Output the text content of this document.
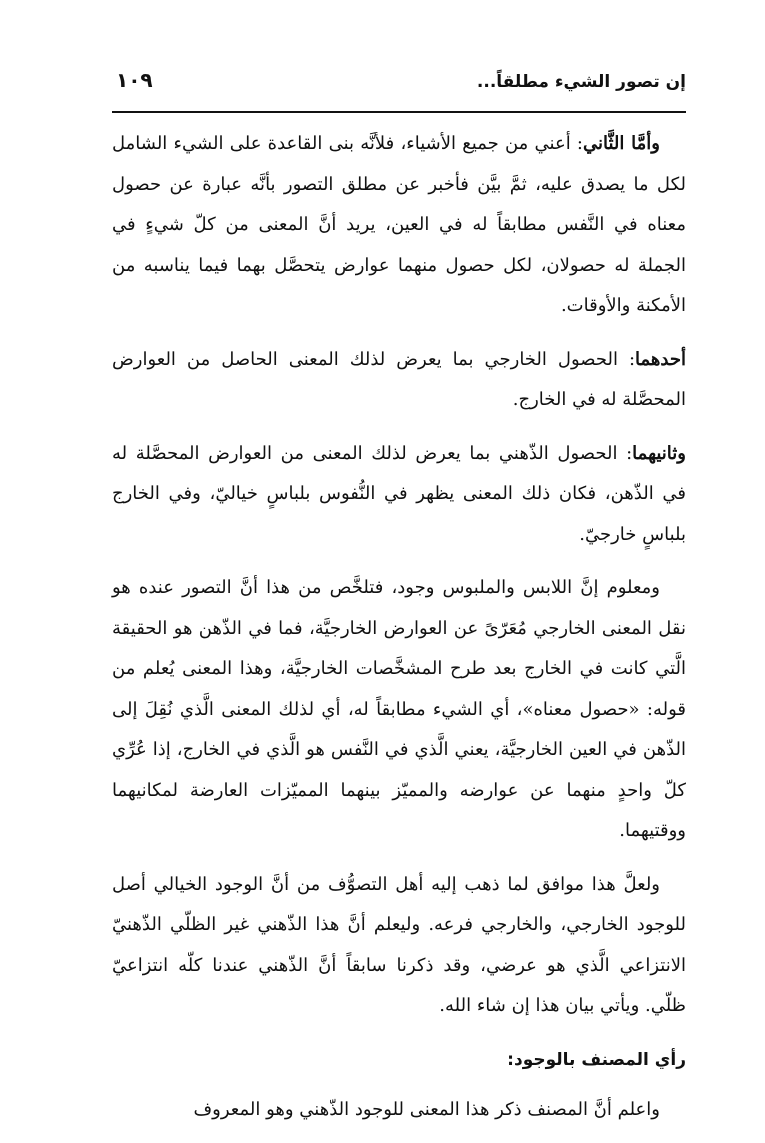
إن تصور الشيء مطلقاً...
١٠٩

وأمَّا الثَّاني: أعني من جميع الأشياء، فلأنَّه بنى القاعدة على الشيء الشامل لكل ما يصدق عليه، ثمَّ بيَّن فأخبر عن مطلق التصور بأنَّه عبارة عن حصول معناه في النَّفس مطابقاً له في العين، يريد أنَّ المعنى من كلّ شيءٍ في الجملة له حصولان، لكل حصول منهما عوارض يتحصَّل بهما فيما يناسبه من الأمكنة والأوقات.

أحدهما: الحصول الخارجي بما يعرض لذلك المعنى الحاصل من العوارض المحصَّلة له في الخارج.

وثانيهما: الحصول الذّهني بما يعرض لذلك المعنى من العوارض المحصَّلة له في الذّهن، فكان ذلك المعنى يظهر في النُّفوس بلباسٍ خياليّ، وفي الخارج بلباسٍ خارجيّ.

ومعلوم إنَّ اللابس والملبوس وجود، فتلخَّص من هذا أنَّ التصور عنده هو نقل المعنى الخارجي مُعَرّىً عن العوارض الخارجيَّة، فما في الذّهن هو الحقيقة الَّتي كانت في الخارج بعد طرح المشخَّصات الخارجيَّة، وهذا المعنى يُعلم من قوله: «حصول معناه»، أي الشيء مطابقاً له، أي لذلك المعنى الَّذي نُقِلَ إلى الذّهن في العين الخارجيَّة، يعني الَّذي في النَّفس هو الَّذي في الخارج، إذا عُرِّي كلّ واحدٍ منهما عن عوارضه والمميّز بينهما المميّزات العارضة لمكانيهما ووقتيهما.

ولعلَّ هذا موافق لما ذهب إليه أهل التصوُّف من أنَّ الوجود الخيالي أصل للوجود الخارجي، والخارجي فرعه. وليعلم أنَّ هذا الذّهني غير الظلّي الذّهنيّ الانتزاعي الَّذي هو عرضي، وقد ذكرنا سابقاً أنَّ الذّهني عندنا كلّه انتزاعيّ ظلّي. ويأتي بيان هذا إن شاء الله.

رأي المصنف بالوجود:

واعلم أنَّ المصنف ذكر هذا المعنى للوجود الذّهني وهو المعروف
